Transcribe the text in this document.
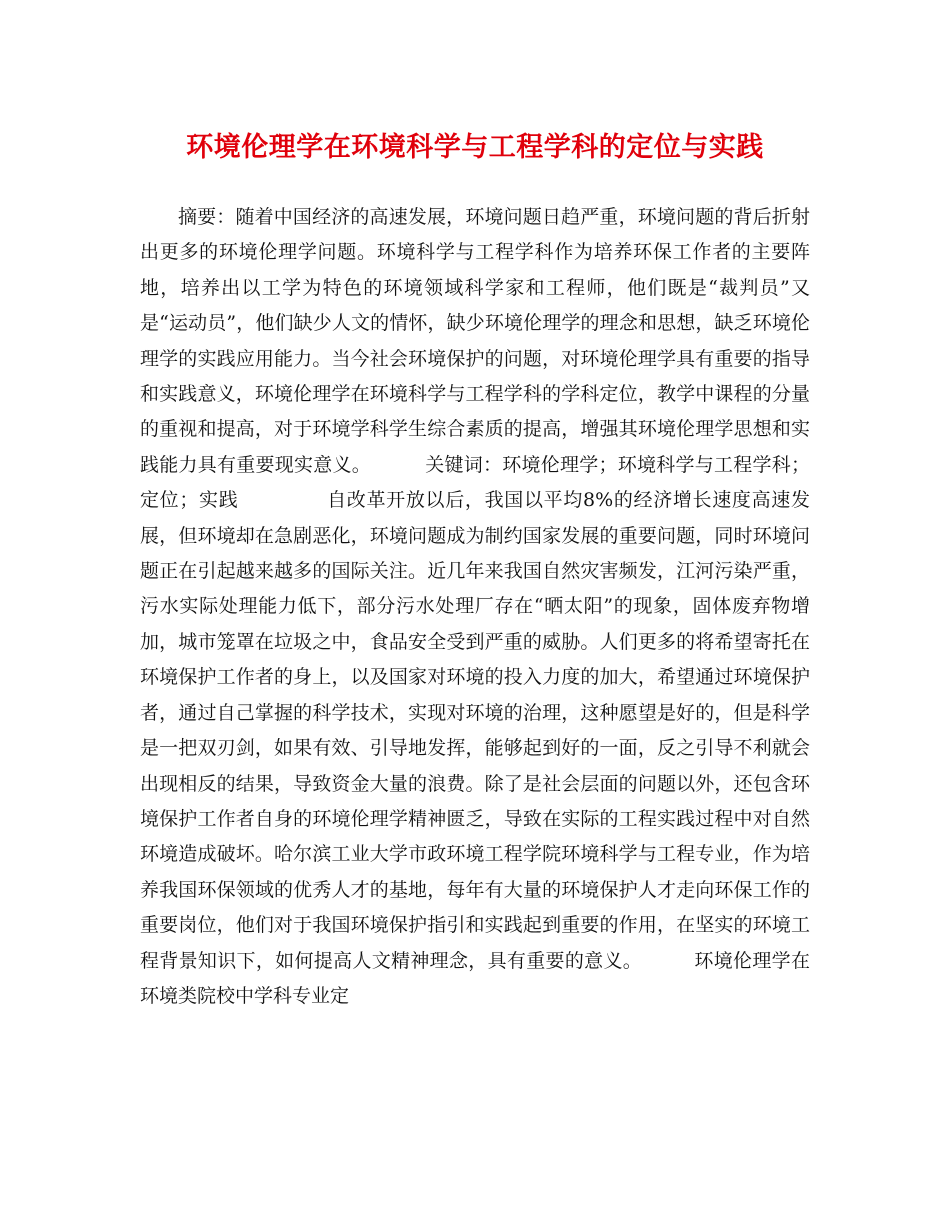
环境伦理学在环境科学与工程学科的定位与实践

摘要：随着中国经济的高速发展，环境问题日趋严重，环境问题的背后折射出更多的环境伦理学问题。环境科学与工程学科作为培养环保工作者的主要阵地，培养出以工学为特色的环境领域科学家和工程师，他们既是“裁判员”又是“运动员”，他们缺少人文的情怀，缺少环境伦理学的理念和思想，缺乏环境伦理学的实践应用能力。当今社会环境保护的问题，对环境伦理学具有重要的指导和实践意义，环境伦理学在环境科学与工程学科的学科定位，教学中课程的分量的重视和提高，对于环境学科学生综合素质的提高，增强其环境伦理学思想和实践能力具有重要现实意义。	关键词：环境伦理学；环境科学与工程学科；定位；实践	自改革开放以后，我国以平均8%的经济增长速度高速发展，但环境却在急剧恶化，环境问题成为制约国家发展的重要问题，同时环境问题正在引起越来越多的国际关注。近几年来我国自然灾害频发，江河污染严重，污水实际处理能力低下，部分污水处理厂存在“晒太阳”的现象，固体废弃物增加，城市笼罩在垃圾之中，食品安全受到严重的威胁。人们更多的将希望寄托在环境保护工作者的身上，以及国家对环境的投入力度的加大，希望通过环境保护者，通过自己掌握的科学技术，实现对环境的治理，这种愿望是好的，但是科学是一把双刃剑，如果有效、引导地发挥，能够起到好的一面，反之引导不利就会出现相反的结果，导致资金大量的浪费。除了是社会层面的问题以外，还包含环境保护工作者自身的环境伦理学精神匮乏，导致在实际的工程实践过程中对自然环境造成破坏。哈尔滨工业大学市政环境工程学院环境科学与工程专业，作为培养我国环保领域的优秀人才的基地，每年有大量的环境保护人才走向环保工作的重要岗位，他们对于我国环境保护指引和实践起到重要的作用，在坚实的环境工程背景知识下，如何提高人文精神理念，具有重要的意义。	环境伦理学在环境类院校中学科专业定
